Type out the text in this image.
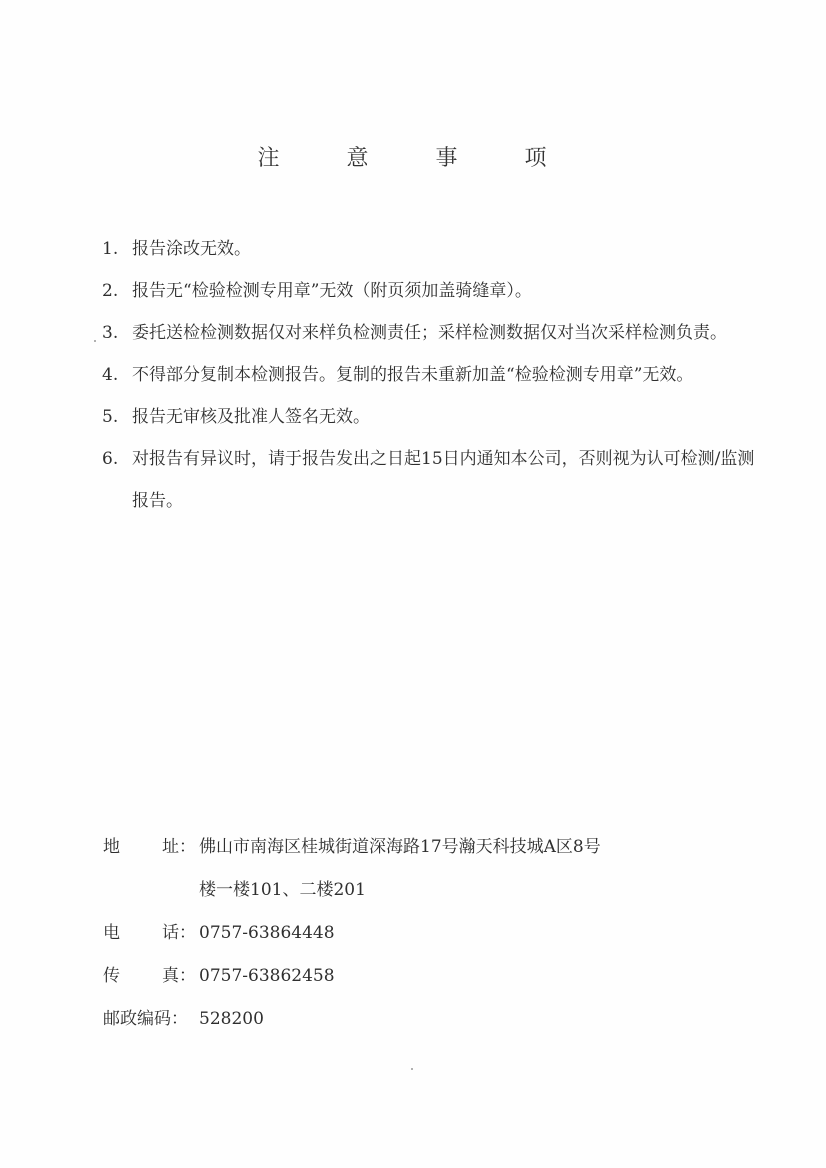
注 意 事 项
1. 报告涂改无效。
2. 报告无“检验检测专用章”无效（附页须加盖骑缝章）。
3. 委托送检检测数据仅对来样负检测责任；采样检测数据仅对当次采样检测负责。
4. 不得部分复制本检测报告。复制的报告未重新加盖“检验检测专用章”无效。
5. 报告无审核及批准人签名无效。
6. 对报告有异议时，请于报告发出之日起15日内通知本公司，否则视为认可检测/监测报告。
地 址： 佛山市南海区桂城街道深海路17号瀚天科技城A区8号
楼一楼101、二楼201
电 话： 0757-63864448
传 真： 0757-63862458
邮政编码： 528200
